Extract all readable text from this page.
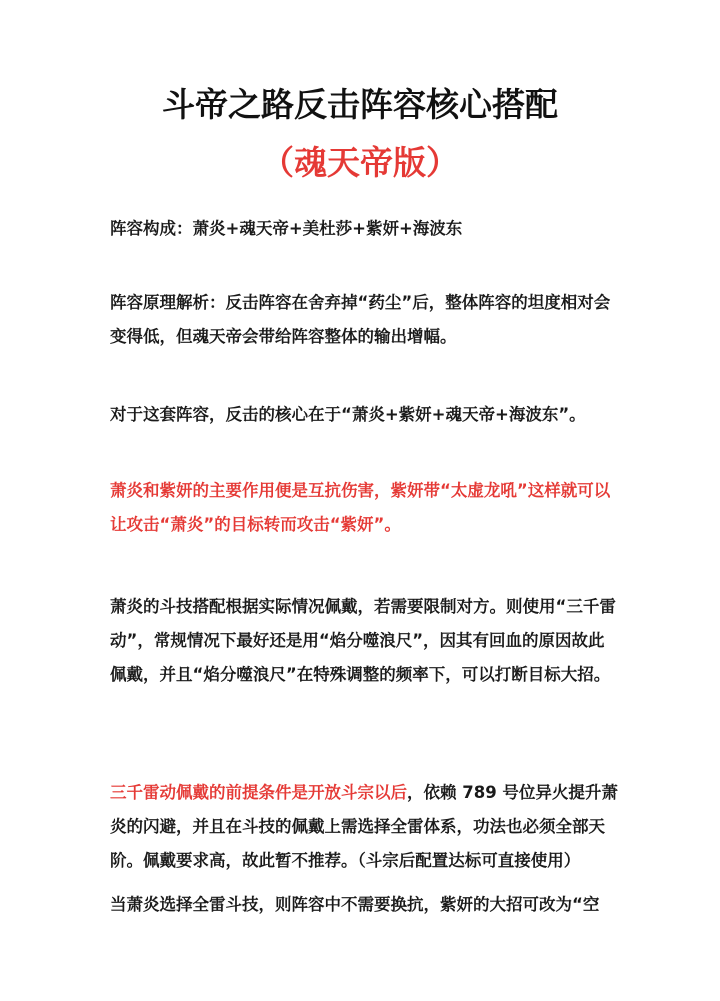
斗帝之路反击阵容核心搭配
（魂天帝版）

阵容构成：萧炎+魂天帝+美杜莎+紫妍+海波东

阵容原理解析：反击阵容在舍弃掉“药尘”后，整体阵容的坦度相对会变得低，但魂天帝会带给阵容整体的输出增幅。

对于这套阵容，反击的核心在于“萧炎+紫妍+魂天帝+海波东”。

萧炎和紫妍的主要作用便是互抗伤害，紫妍带“太虚龙吼”这样就可以让攻击“萧炎”的目标转而攻击“紫妍”。

萧炎的斗技搭配根据实际情况佩戴，若需要限制对方。则使用“三千雷动”，常规情况下最好还是用“焰分噬浪尺”，因其有回血的原因故此佩戴，并且“焰分噬浪尺”在特殊调整的频率下，可以打断目标大招。

三千雷动佩戴的前提条件是开放斗宗以后，依赖 789 号位异火提升萧炎的闪避，并且在斗技的佩戴上需选择全雷体系，功法也必须全部天阶。佩戴要求高，故此暂不推荐。（斗宗后配置达标可直接使用）

当萧炎选择全雷斗技，则阵容中不需要换抗，紫妍的大招可改为“空
